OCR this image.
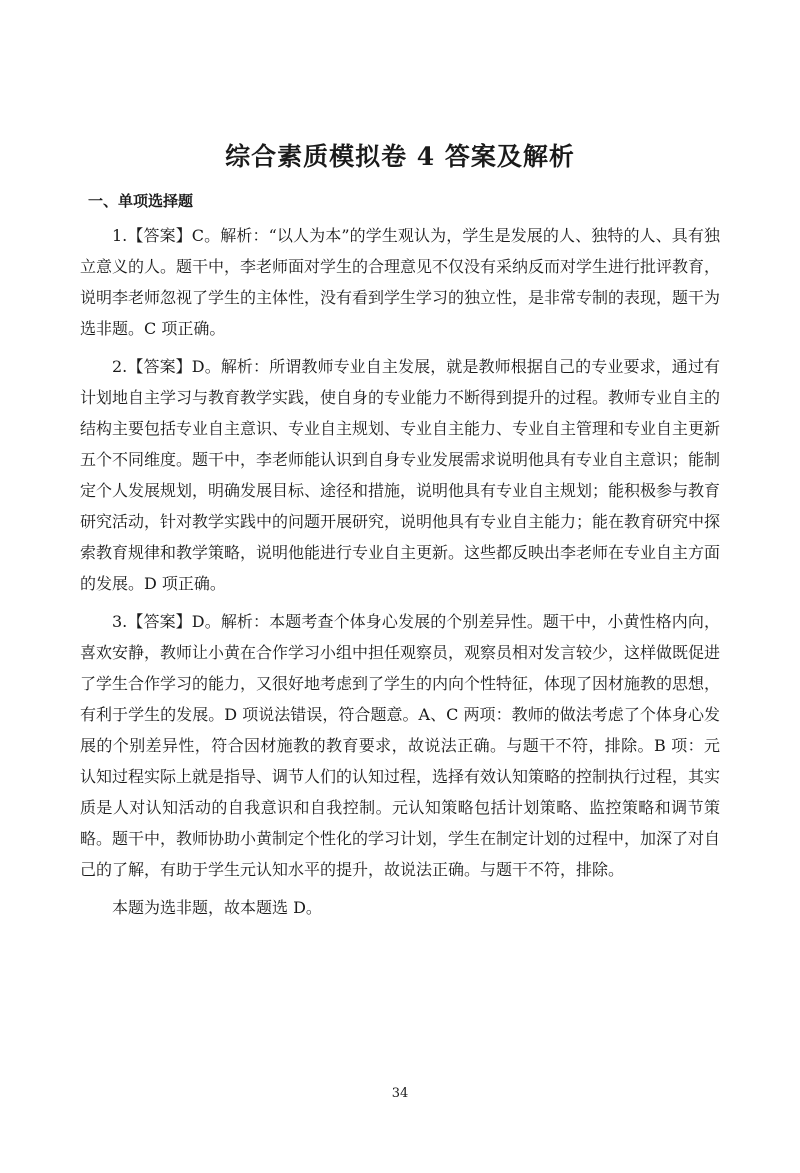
综合素质模拟卷 4 答案及解析
一、单项选择题

1.【答案】C。解析：“以人为本”的学生观认为，学生是发展的人、独特的人、具有独立意义的人。题干中，李老师面对学生的合理意见不仅没有采纳反而对学生进行批评教育，说明李老师忽视了学生的主体性，没有看到学生学习的独立性，是非常专制的表现，题干为选非题。C 项正确。

2.【答案】D。解析：所谓教师专业自主发展，就是教师根据自己的专业要求，通过有计划地自主学习与教育教学实践，使自身的专业能力不断得到提升的过程。教师专业自主的结构主要包括专业自主意识、专业自主规划、专业自主能力、专业自主管理和专业自主更新五个不同维度。题干中，李老师能认识到自身专业发展需求说明他具有专业自主意识；能制定个人发展规划，明确发展目标、途径和措施，说明他具有专业自主规划；能积极参与教育研究活动，针对教学实践中的问题开展研究，说明他具有专业自主能力；能在教育研究中探索教育规律和教学策略，说明他能进行专业自主更新。这些都反映出李老师在专业自主方面的发展。D 项正确。

3.【答案】D。解析：本题考查个体身心发展的个别差异性。题干中，小黄性格内向，喜欢安静，教师让小黄在合作学习小组中担任观察员，观察员相对发言较少，这样做既促进了学生合作学习的能力，又很好地考虑到了学生的内向个性特征，体现了因材施教的思想，有利于学生的发展。D 项说法错误，符合题意。A、C 两项：教师的做法考虑了个体身心发展的个别差异性，符合因材施教的教育要求，故说法正确。与题干不符，排除。B 项：元认知过程实际上就是指导、调节人们的认知过程，选择有效认知策略的控制执行过程，其实质是人对认知活动的自我意识和自我控制。元认知策略包括计划策略、监控策略和调节策略。题干中，教师协助小黄制定个性化的学习计划，学生在制定计划的过程中，加深了对自己的了解，有助于学生元认知水平的提升，故说法正确。与题干不符，排除。

本题为选非题，故本题选 D。

34
